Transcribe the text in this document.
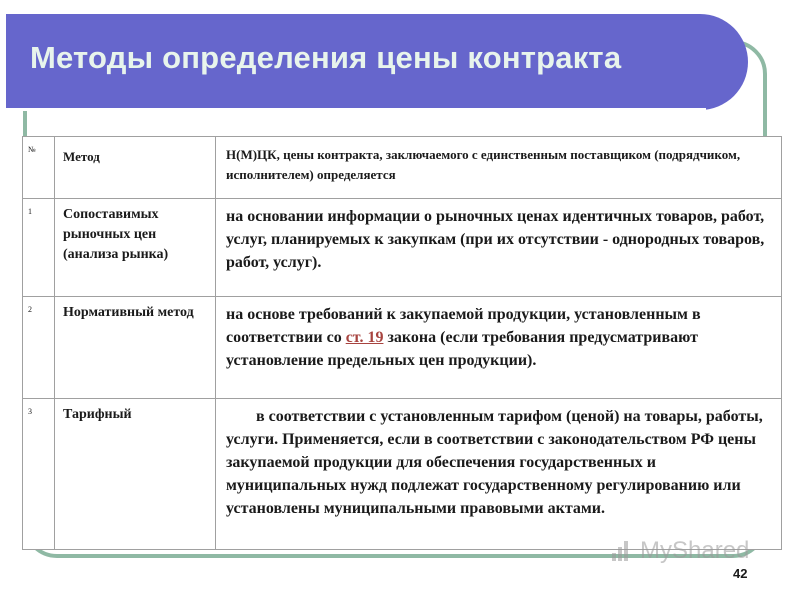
Методы определения цены контракта
№	Метод	Н(М)ЦК, цены контракта, заключаемого с единственным поставщиком (подрядчиком, исполнителем) определяется
1	Сопоставимых рыночных цен (анализа рынка)	на основании информации о рыночных ценах идентичных товаров, работ, услуг, планируемых к закупкам (при их отсутствии - однородных товаров, работ, услуг).
2	Нормативный метод	на основе требований к закупаемой продукции, установленным в соответствии со ст. 19 закона (если требования предусматривают установление предельных цен продукции).
3	Тарифный	в соответствии с установленным тарифом (ценой) на товары, работы, услуги. Применяется, если в соответствии с законодательством РФ цены закупаемой продукции для обеспечения государственных и муниципальных нужд подлежат государственному регулированию или установлены муниципальными правовыми актами.
MyShared
42
